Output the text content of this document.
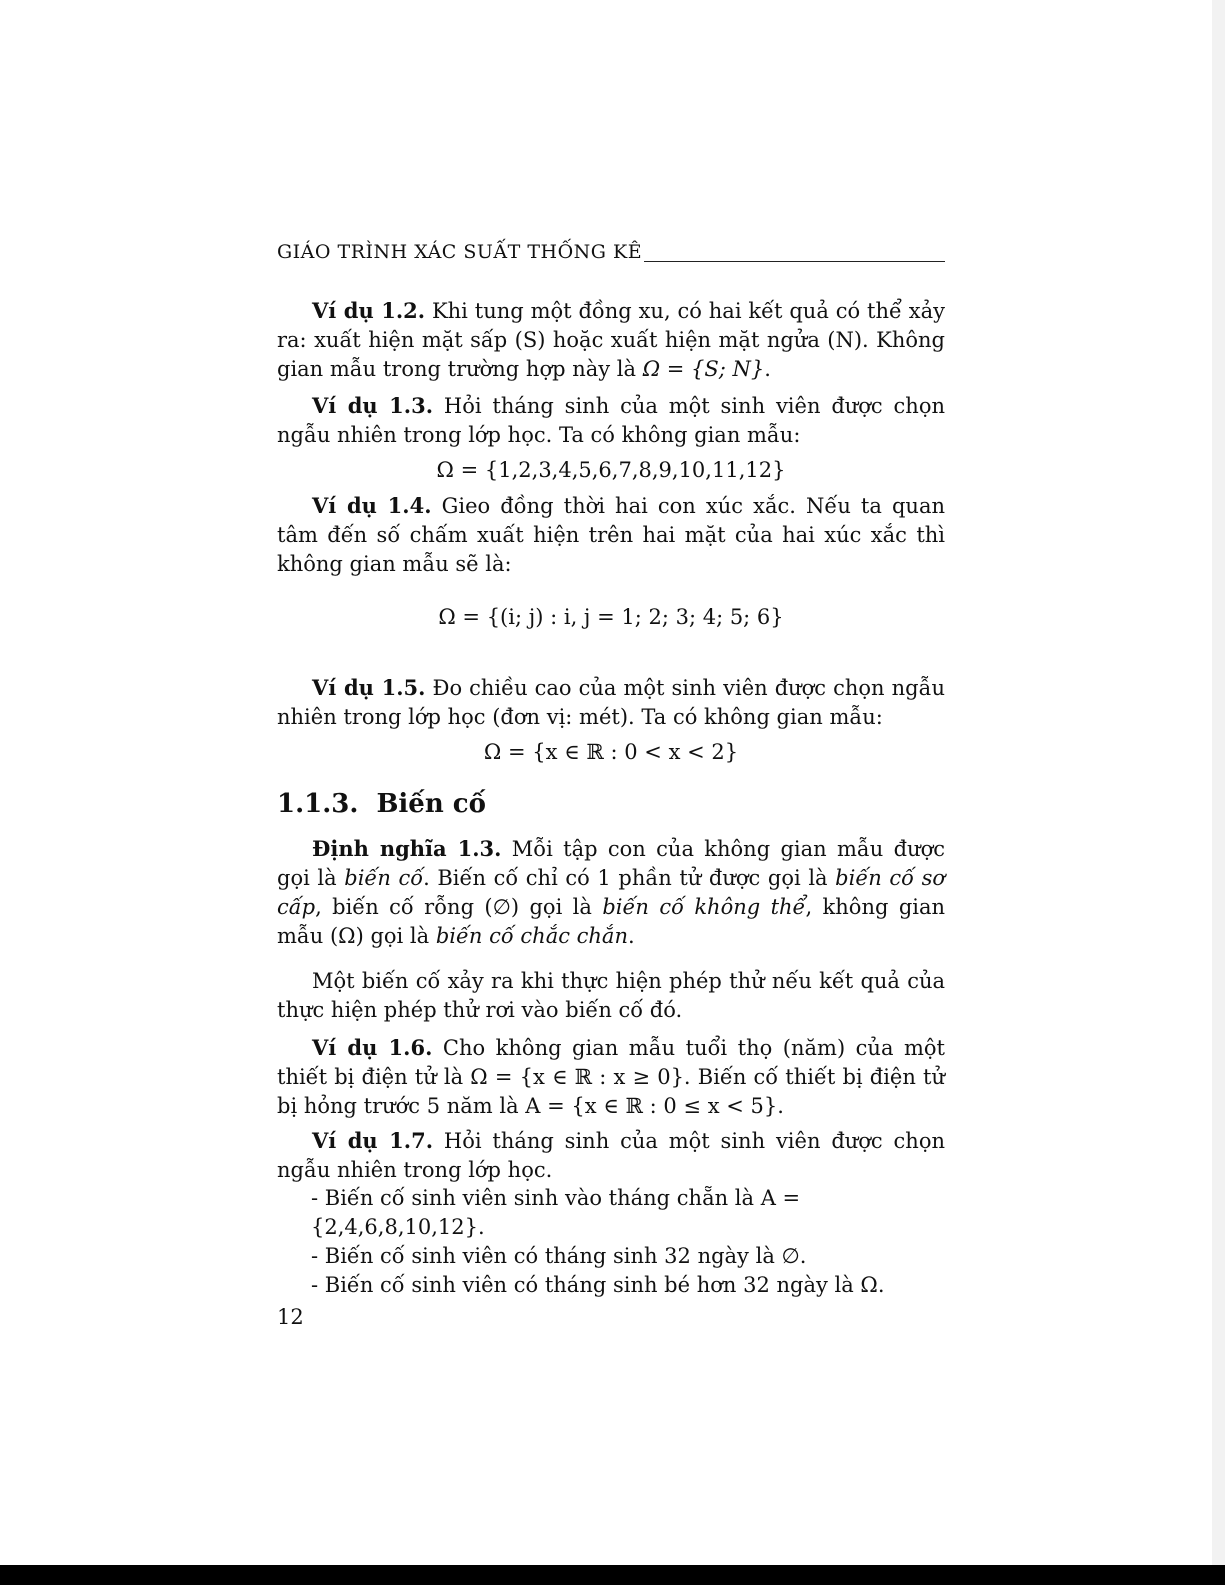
GIÁO TRÌNH XÁC SUẤT THỐNG KÊ
Ví dụ 1.2. Khi tung một đồng xu, có hai kết quả có thể xảy ra: xuất hiện mặt sấp (S) hoặc xuất hiện mặt ngửa (N). Không gian mẫu trong trường hợp này là Ω = {S; N}.
Ví dụ 1.3. Hỏi tháng sinh của một sinh viên được chọn ngẫu nhiên trong lớp học. Ta có không gian mẫu:
Ω = {1,2,3,4,5,6,7,8,9,10,11,12}
Ví dụ 1.4. Gieo đồng thời hai con xúc xắc. Nếu ta quan tâm đến số chấm xuất hiện trên hai mặt của hai xúc xắc thì không gian mẫu sẽ là:
Ω = {(i; j) : i, j = 1; 2; 3; 4; 5; 6}
Ví dụ 1.5. Đo chiều cao của một sinh viên được chọn ngẫu nhiên trong lớp học (đơn vị: mét). Ta có không gian mẫu:
Ω = {x ∈ ℝ : 0 < x < 2}
1.1.3. Biến cố
Định nghĩa 1.3. Mỗi tập con của không gian mẫu được gọi là biến cố. Biến cố chỉ có 1 phần tử được gọi là biến cố sơ cấp, biến cố rỗng (∅) gọi là biến cố không thể, không gian mẫu (Ω) gọi là biến cố chắc chắn.
Một biến cố xảy ra khi thực hiện phép thử nếu kết quả của thực hiện phép thử rơi vào biến cố đó.
Ví dụ 1.6. Cho không gian mẫu tuổi thọ (năm) của một thiết bị điện tử là Ω = {x ∈ ℝ : x ≥ 0}. Biến cố thiết bị điện tử bị hỏng trước 5 năm là A = {x ∈ ℝ : 0 ≤ x < 5}.
Ví dụ 1.7. Hỏi tháng sinh của một sinh viên được chọn ngẫu nhiên trong lớp học.
- Biến cố sinh viên sinh vào tháng chẵn là A = {2,4,6,8,10,12}.
- Biến cố sinh viên có tháng sinh 32 ngày là ∅.
- Biến cố sinh viên có tháng sinh bé hơn 32 ngày là Ω.
12
